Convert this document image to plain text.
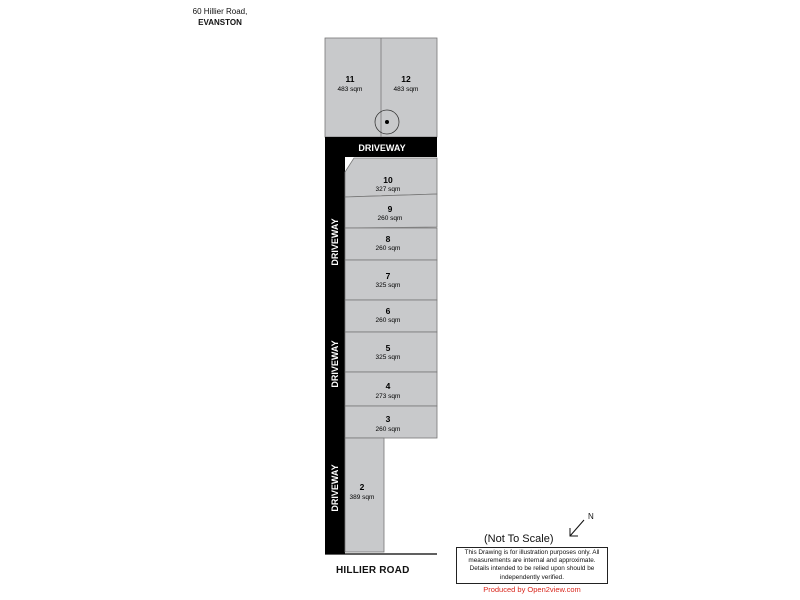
60 Hillier Road,
EVANSTON
11
483 sqm
12
483 sqm
10
327 sqm
9
260 sqm
8
260 sqm
7
325 sqm
6
260 sqm
5
325 sqm
4
273 sqm
3
260 sqm
2
389 sqm
DRIVEWAY
DRIVEWAY
DRIVEWAY
DRIVEWAY
HILLIER ROAD
N
(Not To Scale)
This Drawing is for illustration purposes only. All measurements are internal and approximate. Details intended to be relied upon should be independently verified.
Produced by Open2view.com
